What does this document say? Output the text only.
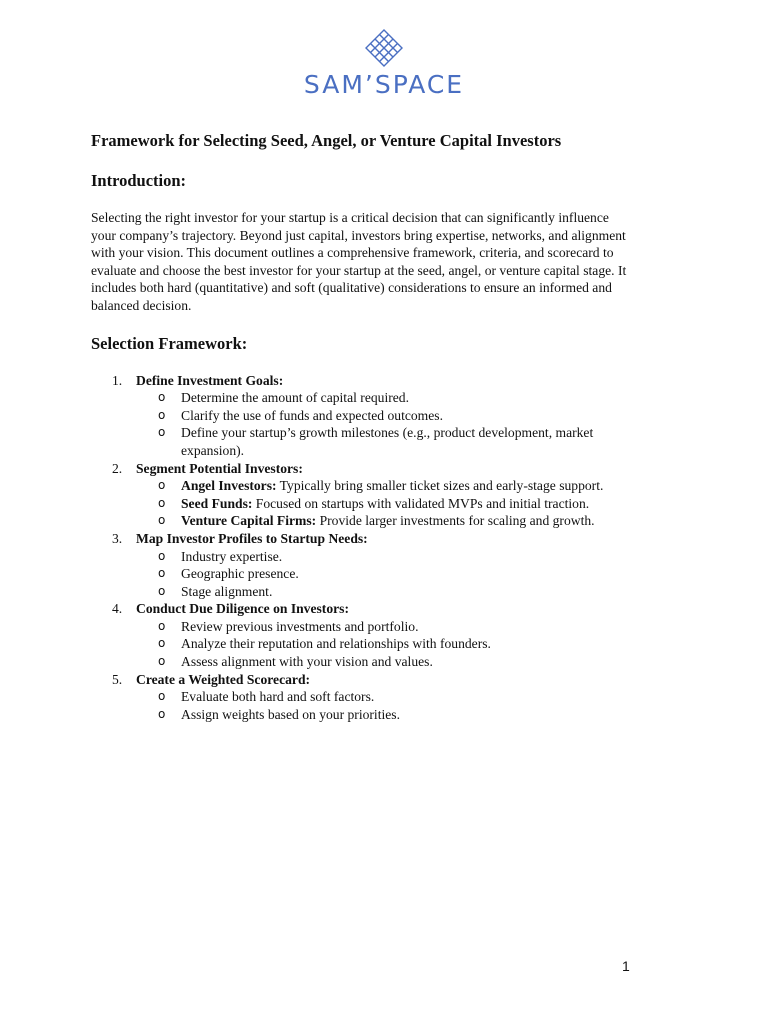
SAM’SPACE
Framework for Selecting Seed, Angel, or Venture Capital Investors
Introduction:

Selecting the right investor for your startup is a critical decision that can significantly influence your company’s trajectory. Beyond just capital, investors bring expertise, networks, and alignment with your vision. This document outlines a comprehensive framework, criteria, and scorecard to evaluate and choose the best investor for your startup at the seed, angel, or venture capital stage. It includes both hard (quantitative) and soft (qualitative) considerations to ensure an informed and balanced decision.

Selection Framework:
1. Define Investment Goals:
o Determine the amount of capital required.
o Clarify the use of funds and expected outcomes.
o Define your startup’s growth milestones (e.g., product development, market expansion).
2. Segment Potential Investors:
o Angel Investors: Typically bring smaller ticket sizes and early-stage support.
o Seed Funds: Focused on startups with validated MVPs and initial traction.
o Venture Capital Firms: Provide larger investments for scaling and growth.
3. Map Investor Profiles to Startup Needs:
o Industry expertise.
o Geographic presence.
o Stage alignment.
4. Conduct Due Diligence on Investors:
o Review previous investments and portfolio.
o Analyze their reputation and relationships with founders.
o Assess alignment with your vision and values.
5. Create a Weighted Scorecard:
o Evaluate both hard and soft factors.
o Assign weights based on your priorities.
1
